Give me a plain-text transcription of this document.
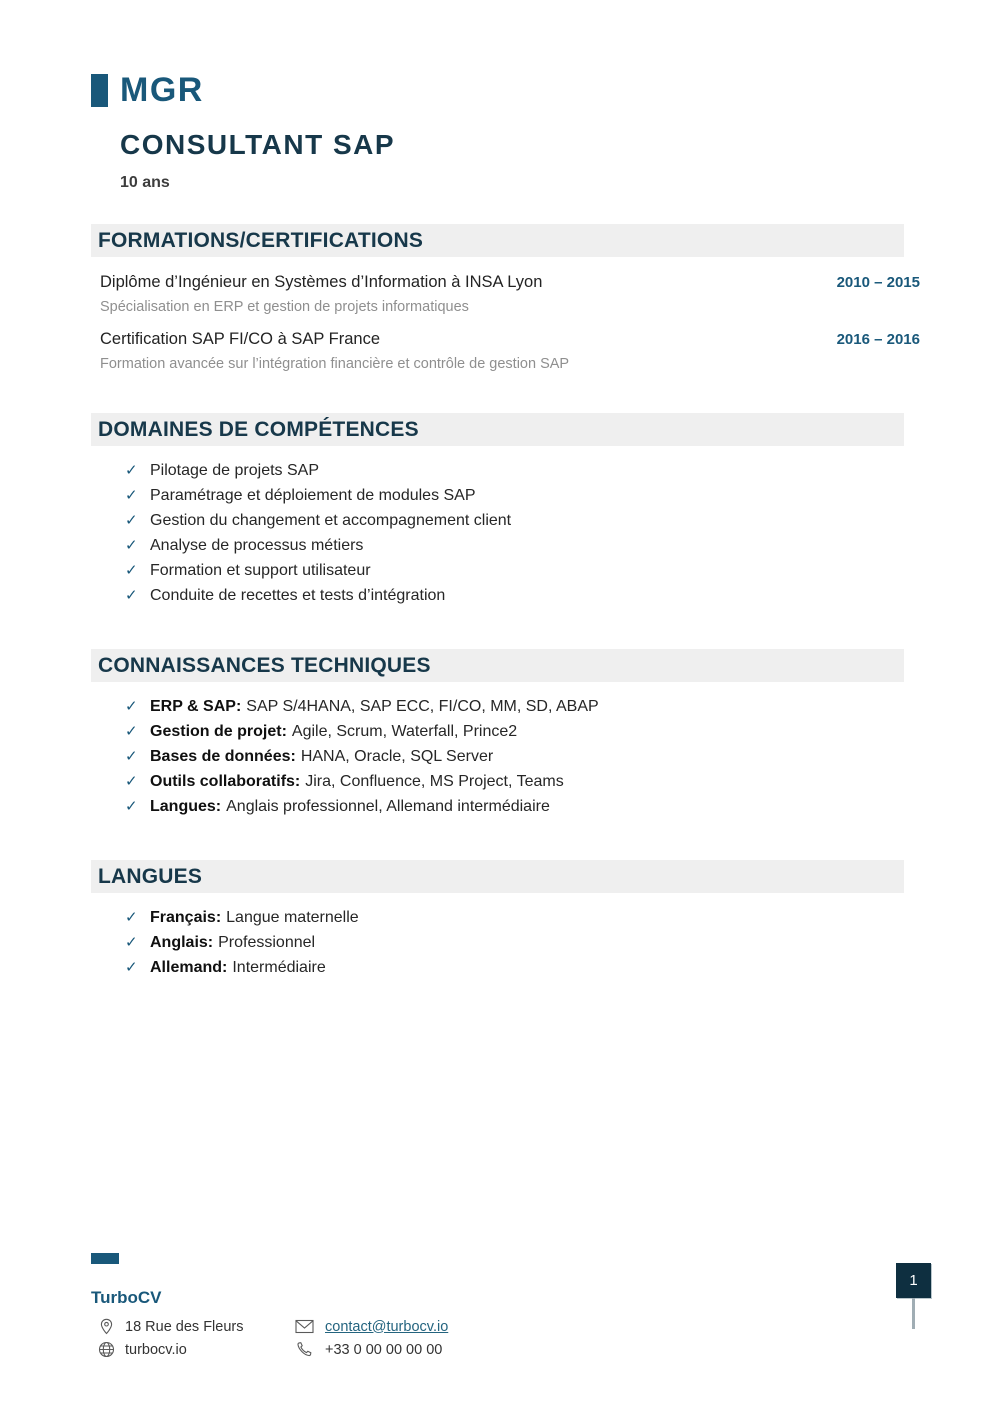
MGR
CONSULTANT SAP
10 ans
FORMATIONS/CERTIFICATIONS
Diplôme d’Ingénieur en Systèmes d’Information à INSA Lyon	2010 – 2015
Spécialisation en ERP et gestion de projets informatiques
Certification SAP FI/CO à SAP France	2016 – 2016
Formation avancée sur l’intégration financière et contrôle de gestion SAP
DOMAINES DE COMPÉTENCES
✓ Pilotage de projets SAP
✓ Paramétrage et déploiement de modules SAP
✓ Gestion du changement et accompagnement client
✓ Analyse de processus métiers
✓ Formation et support utilisateur
✓ Conduite de recettes et tests d’intégration
CONNAISSANCES TECHNIQUES
✓ ERP & SAP: SAP S/4HANA, SAP ECC, FI/CO, MM, SD, ABAP
✓ Gestion de projet: Agile, Scrum, Waterfall, Prince2
✓ Bases de données: HANA, Oracle, SQL Server
✓ Outils collaboratifs: Jira, Confluence, MS Project, Teams
✓ Langues: Anglais professionnel, Allemand intermédiaire
LANGUES
✓ Français: Langue maternelle
✓ Anglais: Professionnel
✓ Allemand: Intermédiaire
TurboCV
18 Rue des Fleurs	contact@turbocv.io
turbocv.io	+33 0 00 00 00 00
1
